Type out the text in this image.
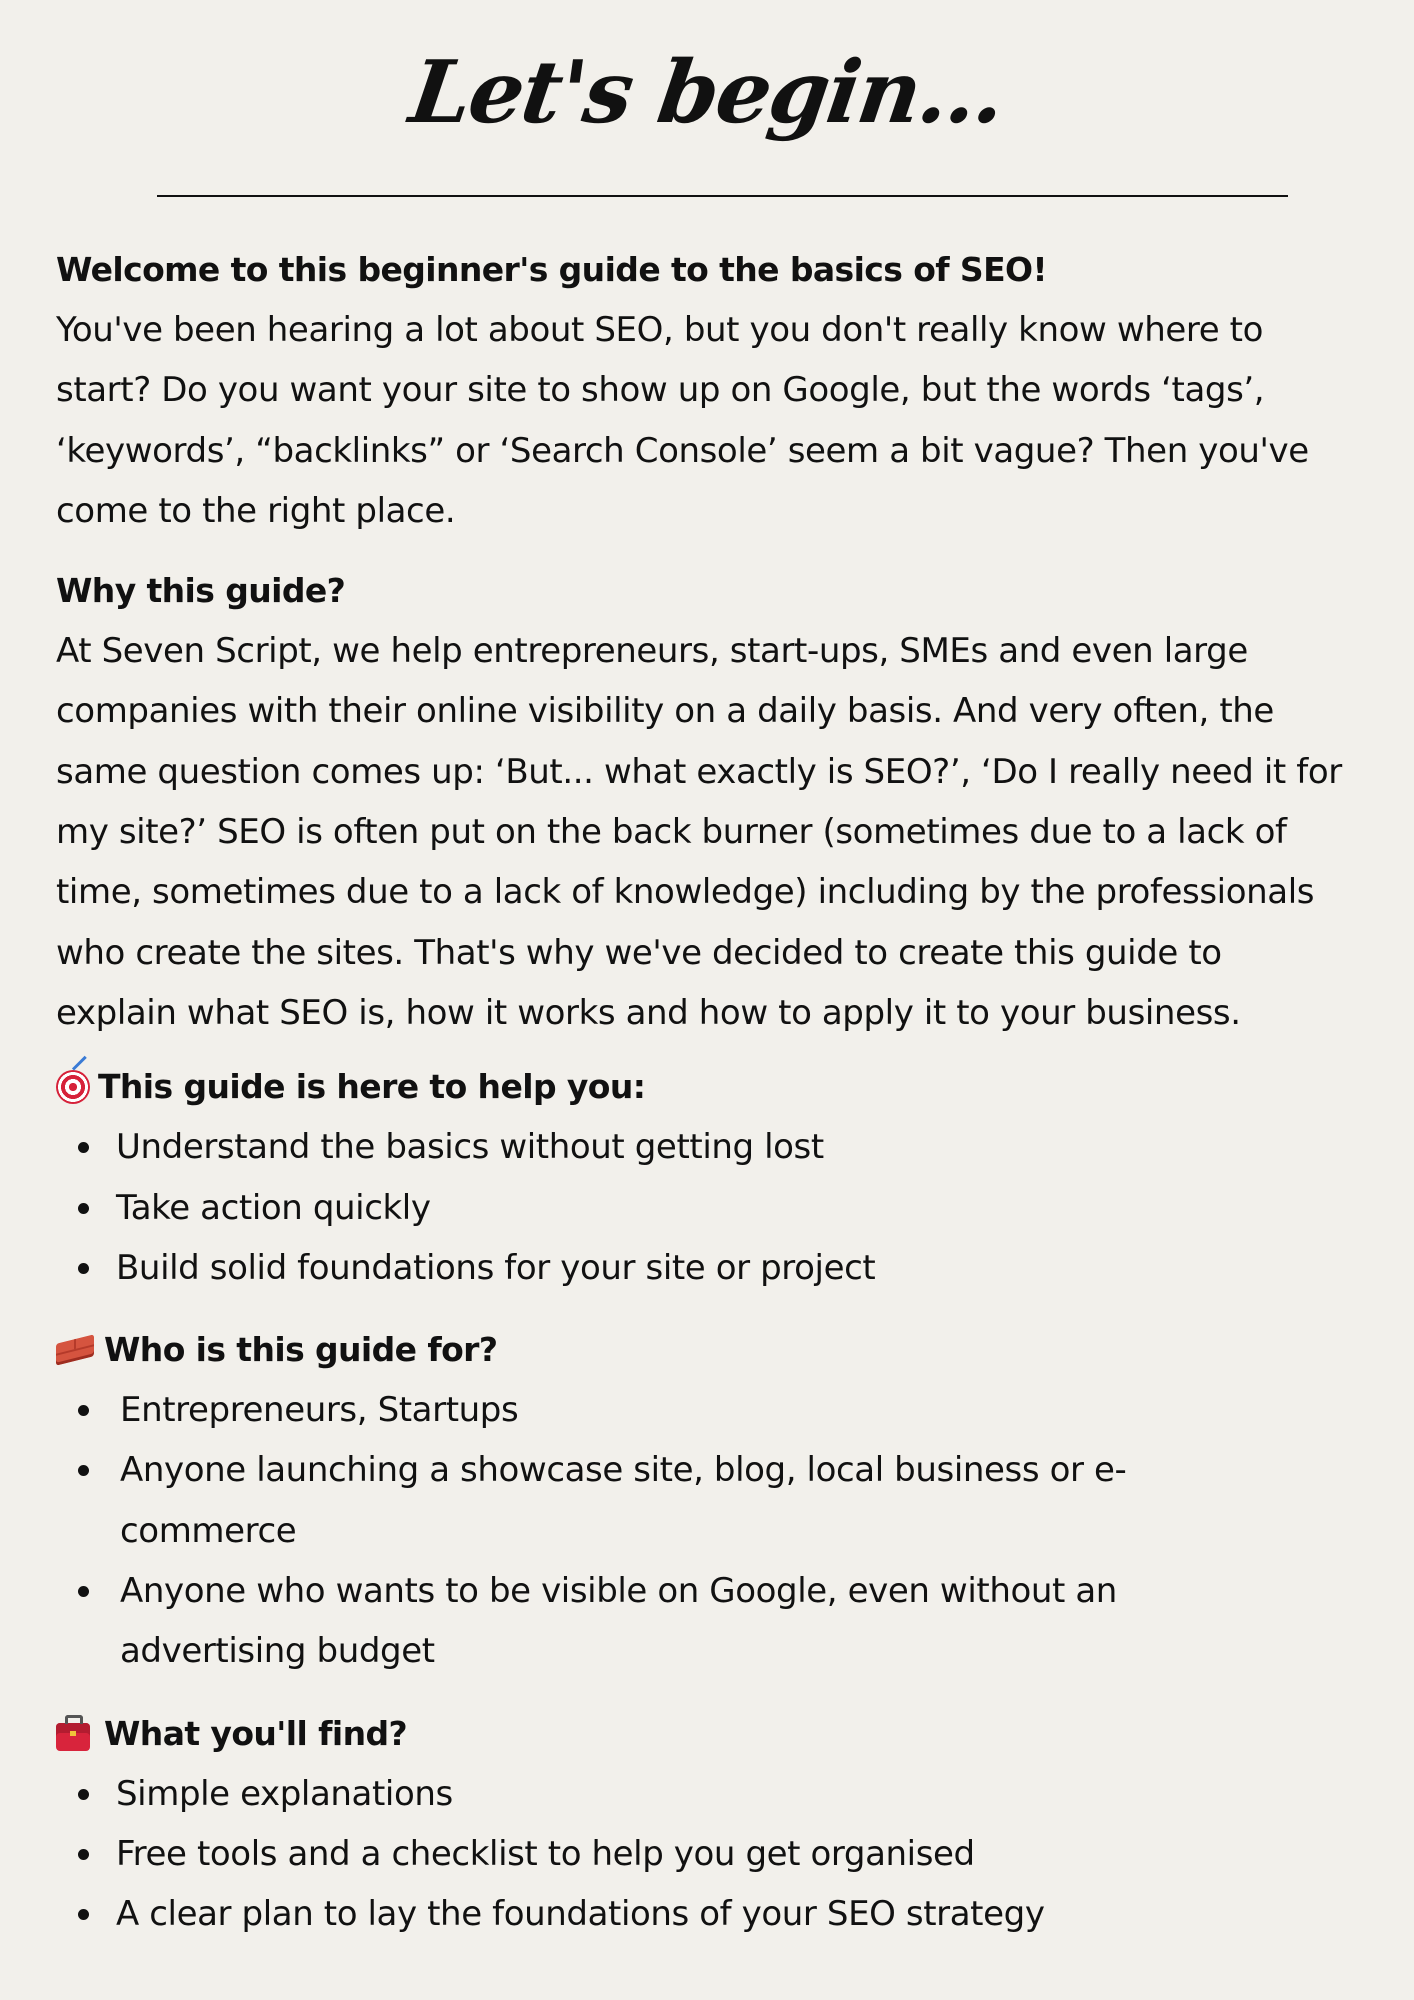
Let's begin...
Welcome to this beginner's guide to the basics of SEO!

You've been hearing a lot about SEO, but you don't really know where to
start? Do you want your site to show up on Google, but the words ‘tags’,
‘keywords’, “backlinks” or ‘Search Console’ seem a bit vague? Then you've
come to the right place.

Why this guide?

At Seven Script, we help entrepreneurs, start-ups, SMEs and even large
companies with their online visibility on a daily basis. And very often, the
same question comes up: ‘But... what exactly is SEO?’, ‘Do I really need it for
my site?’ SEO is often put on the back burner (sometimes due to a lack of
time, sometimes due to a lack of knowledge) including by the professionals
who create the sites. That's why we've decided to create this guide to
explain what SEO is, how it works and how to apply it to your business.

This guide is here to help you:
Understand the basics without getting lost
Take action quickly
Build solid foundations for your site or project
Who is this guide for?
Entrepreneurs, Startups
Anyone launching a showcase site, blog, local business or e-
commerce
Anyone who wants to be visible on Google, even without an
advertising budget
What you'll find?
Simple explanations
Free tools and a checklist to help you get organised
A clear plan to lay the foundations of your SEO strategy
